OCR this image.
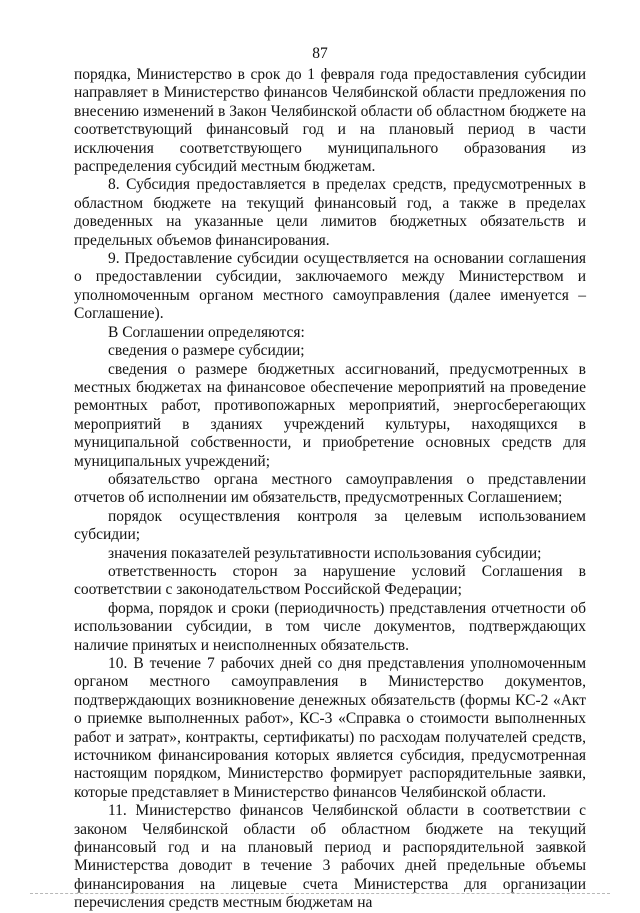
87

порядка, Министерство в срок до 1 февраля года предоставления субсидии направляет в Министерство финансов Челябинской области предложения по внесению изменений в Закон Челябинской области об областном бюджете на соответствующий финансовый год и на плановый период в части исключения соответствующего муниципального образования из распределения субсидий местным бюджетам.

8. Субсидия предоставляется в пределах средств, предусмотренных в областном бюджете на текущий финансовый год, а также в пределах доведенных на указанные цели лимитов бюджетных обязательств и предельных объемов финансирования.

9. Предоставление субсидии осуществляется на основании соглашения о предоставлении субсидии, заключаемого между Министерством и уполномоченным органом местного самоуправления (далее именуется – Соглашение).

В Соглашении определяются:

сведения о размере субсидии;

сведения о размере бюджетных ассигнований, предусмотренных в местных бюджетах на финансовое обеспечение мероприятий на проведение ремонтных работ, противопожарных мероприятий, энергосберегающих мероприятий в зданиях учреждений культуры, находящихся в муниципальной собственности, и приобретение основных средств для муниципальных учреждений;

обязательство органа местного самоуправления о представлении отчетов об исполнении им обязательств, предусмотренных Соглашением;

порядок осуществления контроля за целевым использованием субсидии;

значения показателей результативности использования субсидии;

ответственность сторон за нарушение условий Соглашения в соответствии с законодательством Российской Федерации;

форма, порядок и сроки (периодичность) представления отчетности об использовании субсидии, в том числе документов, подтверждающих наличие принятых и неисполненных обязательств.

10. В течение 7 рабочих дней со дня представления уполномоченным органом местного самоуправления в Министерство документов, подтверждающих возникновение денежных обязательств (формы КС-2 «Акт о приемке выполненных работ», КС-3 «Справка о стоимости выполненных работ и затрат», контракты, сертификаты) по расходам получателей средств, источником финансирования которых является субсидия, предусмотренная настоящим порядком, Министерство формирует распорядительные заявки, которые представляет в Министерство финансов Челябинской области.

11. Министерство финансов Челябинской области в соответствии с законом Челябинской области об областном бюджете на текущий финансовый год и на плановый период и распорядительной заявкой Министерства доводит в течение 3 рабочих дней предельные объемы финансирования на лицевые счета Министерства для организации перечисления средств местным бюджетам на
